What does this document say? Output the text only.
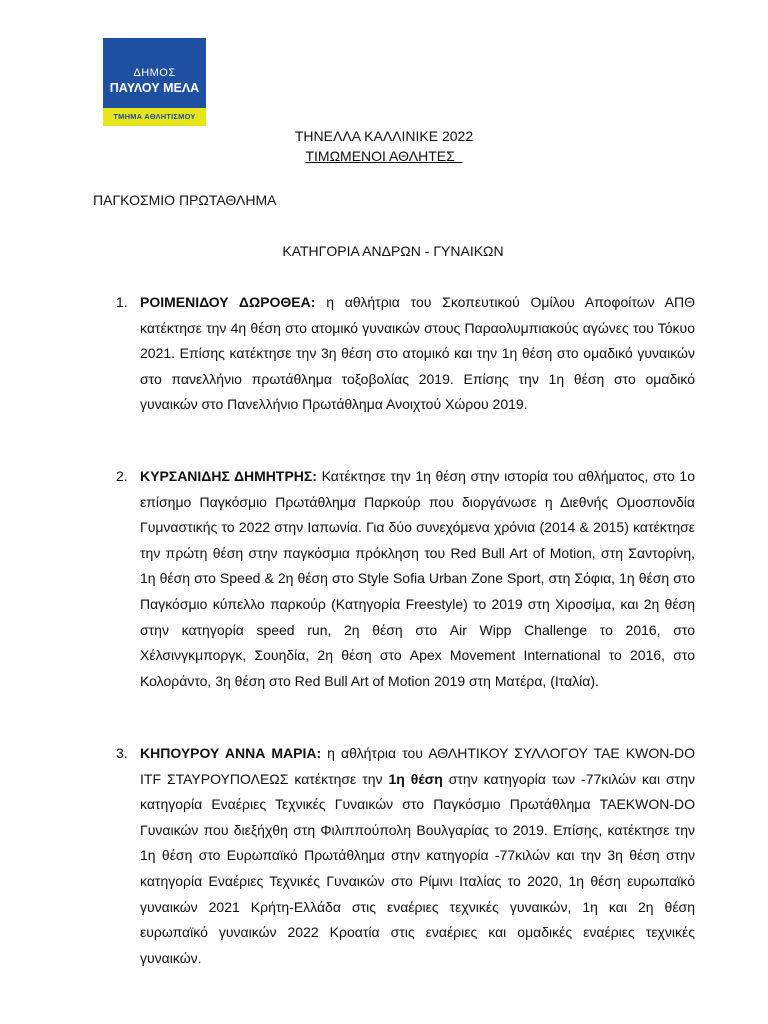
ΔΗΜΟΣ
ΠΑΥΛΟΥ ΜΕΛΑ
ΤΜΗΜΑ ΑΘΛΗΤΙΣΜΟΥ
ΤΗΝΕΛΛΑ ΚΑΛΛΙΝΙΚΕ 2022
ΤΙΜΩΜΕΝΟΙ ΑΘΛΗΤΕΣ
ΠΑΓΚΟΣΜΙΟ ΠΡΩΤΑΘΛΗΜΑ
ΚΑΤΗΓΟΡΙΑ ΑΝΔΡΩΝ - ΓΥΝΑΙΚΩΝ
1. ΡΟΙΜΕΝΙΔΟΥ ΔΩΡΟΘΕΑ: η αθλήτρια του Σκοπευτικού Ομίλου Αποφοίτων ΑΠΘ κατέκτησε την 4η θέση στο ατομικό γυναικών στους Παραολυμπιακούς αγώνες του Τόκυο 2021. Επίσης κατέκτησε την 3η θέση στο ατομικό και την 1η θέση στο ομαδικό γυναικών στο πανελλήνιο πρωτάθλημα τοξοβολίας 2019. Επίσης την 1η θέση στο ομαδικό γυναικών στο Πανελλήνιο Πρωτάθλημα Ανοιχτού Χώρου 2019.

2. ΚΥΡΣΑΝΙΔΗΣ ΔΗΜΗΤΡΗΣ: Κατέκτησε την 1η θέση στην ιστορία του αθλήματος, στο 1ο επίσημο Παγκόσμιο Πρωτάθλημα Παρκούρ που διοργάνωσε η Διεθνής Ομοσπονδία Γυμναστικής το 2022 στην Ιαπωνία. Για δύο συνεχόμενα χρόνια (2014 & 2015) κατέκτησε την πρώτη θέση στην παγκόσμια πρόκληση του Red Bull Art of Motion, στη Σαντορίνη, 1η θέση στο Speed & 2η θέση στο Style Sofia Urban Zone Sport, στη Σόφια, 1η θέση στο Παγκόσμιο κύπελλο παρκούρ (Κατηγορία Freestyle) το 2019 στη Χιροσίμα, και 2η θέση στην κατηγορία speed run, 2η θέση στο Air Wipp Challenge το 2016, στο Χέλσινγκμποργκ, Σουηδία, 2η θέση στο Apex Movement International το 2016, στο Κολοράντο, 3η θέση στο Red Bull Art of Motion 2019 στη Ματέρα, (Ιταλία).

3. ΚΗΠΟΥΡΟΥ ΑΝΝΑ ΜΑΡΙΑ: η αθλήτρια του ΑΘΛΗΤΙΚΟΥ ΣΥΛΛΟΓΟΥ ΤΑΕ KWON-DO ITF ΣΤΑΥΡΟΥΠΟΛΕΩΣ κατέκτησε την 1η θέση στην κατηγορία των -77κιλών και στην κατηγορία Εναέριες Τεχνικές Γυναικών στο Παγκόσμιο Πρωτάθλημα TAEKWON-DO Γυναικών που διεξήχθη στη Φιλιππούπολη Βουλγαρίας το 2019. Επίσης, κατέκτησε την 1η θέση στο Ευρωπαϊκό Πρωτάθλημα στην κατηγορία -77κιλών και την 3η θέση στην κατηγορία Εναέριες Τεχνικές Γυναικών στο Ρίμινι Ιταλίας το 2020, 1η θέση ευρωπαϊκό γυναικών 2021 Κρήτη-Ελλάδα στις εναέριες τεχνικές γυναικών, 1η και 2η θέση ευρωπαϊκό γυναικών 2022 Κροατία στις εναέριες και ομαδικές εναέριες τεχνικές γυναικών.
